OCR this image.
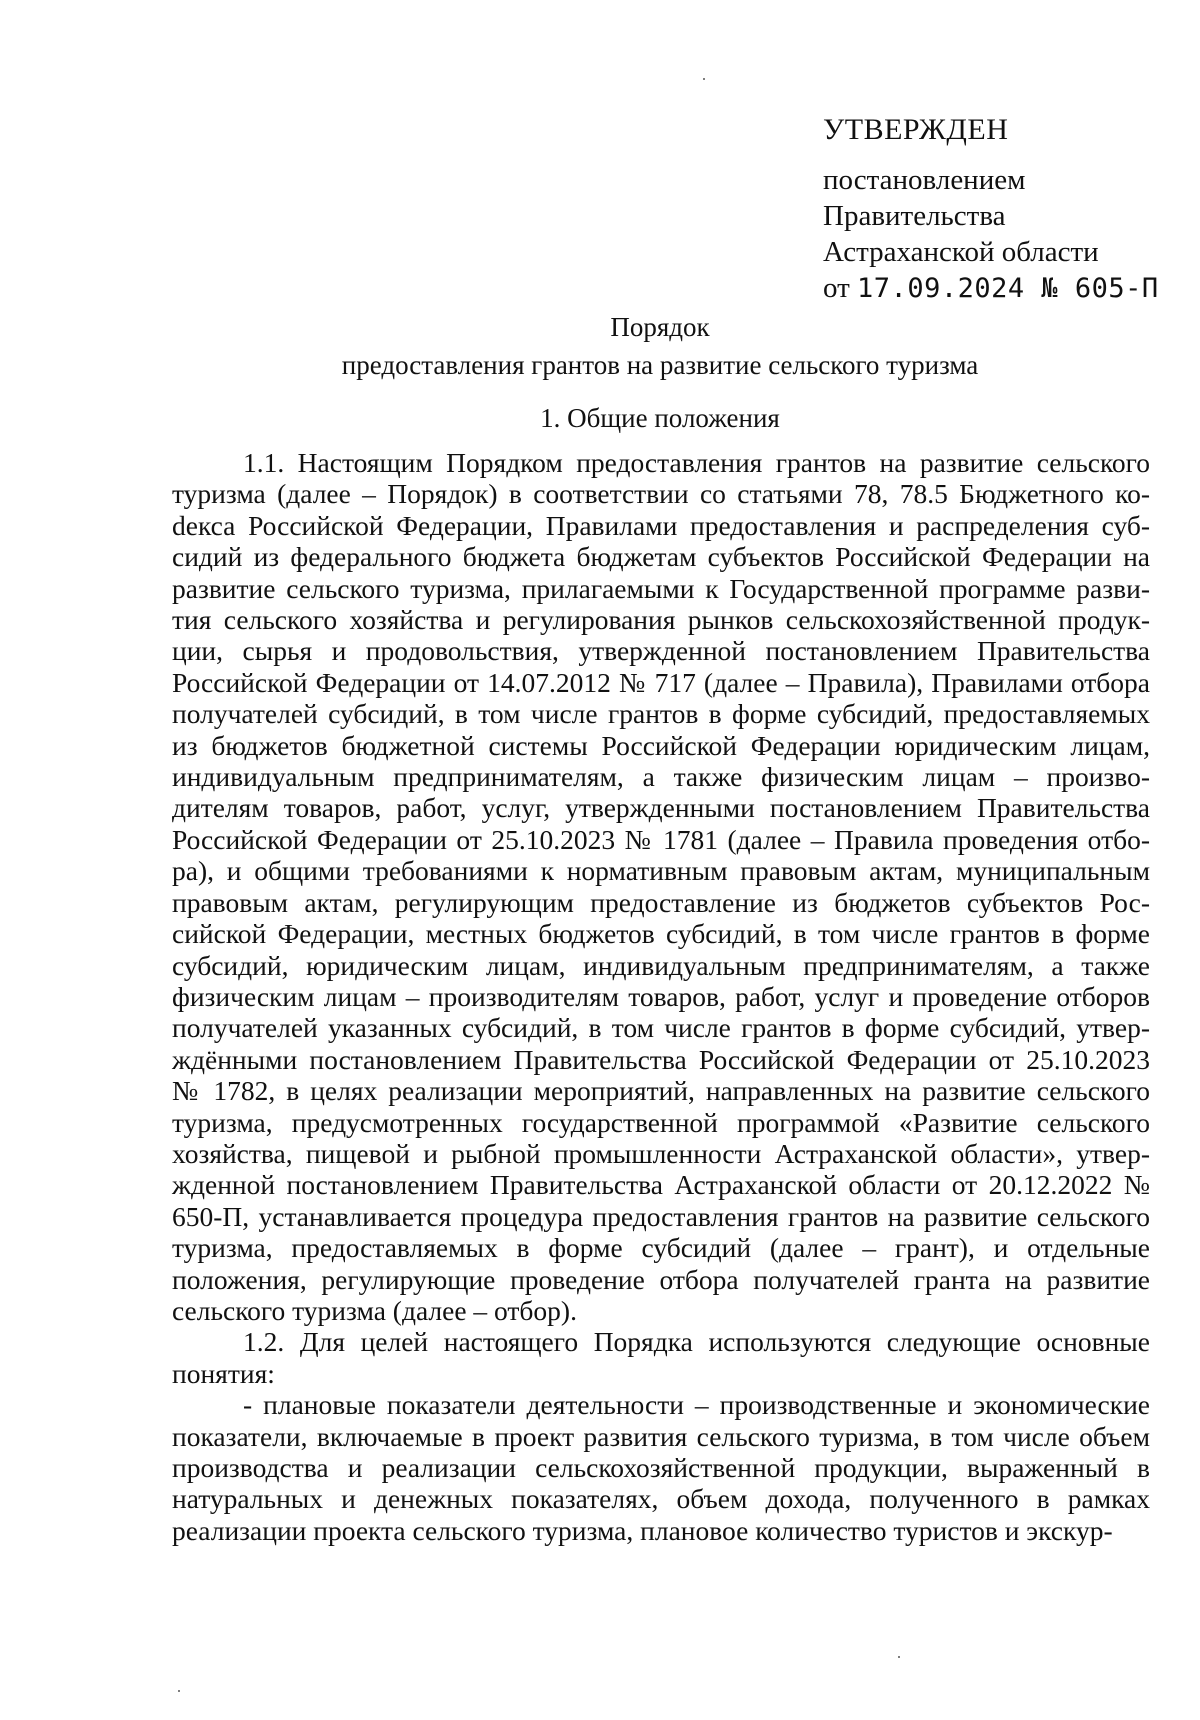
УТВЕРЖДЕН
постановлением
Правительства
Астраханской области
от 17.09.2024 № 605-П
Порядок
предоставления грантов на развитие сельского туризма
1. Общие положения

1.1. Настоящим Порядком предоставления грантов на развитие сельского туризма (далее – Порядок) в соответствии со статьями 78, 78.5 Бюджетного коdекса Российской Федерации, Правилами предоставления и распределения субсидий из федерального бюджета бюджетам субъектов Российской Федерации на развитие сельского туризма, прилагаемыми к Государственной программе развития сельского хозяйства и регулирования рынков сельскохозяйственной продукции, сырья и продовольствия, утвержденной постановлением Правительства Российской Федерации от 14.07.2012 № 717 (далее – Правила), Правилами отбора получателей субсидий, в том числе грантов в форме субсидий, предоставляемых из бюджетов бюджетной системы Российской Федерации юридическим лицам, индивидуальным предпринимателям, а также физическим лицам – производителям товаров, работ, услуг, утвержденными постановлением Правительства Российской Федерации от 25.10.2023 № 1781 (далее – Правила проведения отбора), и общими требованиями к нормативным правовым актам, муниципальным правовым актам, регулирующим предоставление из бюджетов субъектов Российской Федерации, местных бюджетов субсидий, в том числе грантов в форме субсидий, юридическим лицам, индивидуальным предпринимателям, а также физическим лицам – производителям товаров, работ, услуг и проведение отборов получателей указанных субсидий, в том числе грантов в форме субсидий, утверждёнными постановлением Правительства Российской Федерации от 25.10.2023 № 1782, в целях реализации мероприятий, направленных на развитие сельского туризма, предусмотренных государственной программой «Развитие сельского хозяйства, пищевой и рыбной промышленности Астраханской области», утвержденной постановлением Правительства Астраханской области от 20.12.2022 № 650-П, устанавливается процедура предоставления грантов на развитие сельского туризма, предоставляемых в форме субсидий (далее – грант), и отдельные положения, регулирующие проведение отбора получателей гранта на развитие сельского туризма (далее – отбор).

1.2. Для целей настоящего Порядка используются следующие основные понятия:

- плановые показатели деятельности – производственные и экономические показатели, включаемые в проект развития сельского туризма, в том числе объем производства и реализации сельскохозяйственной продукции, выраженный в натуральных и денежных показателях, объем дохода, полученного в рамках реализации проекта сельского туризма, плановое количество туристов и экскур-
